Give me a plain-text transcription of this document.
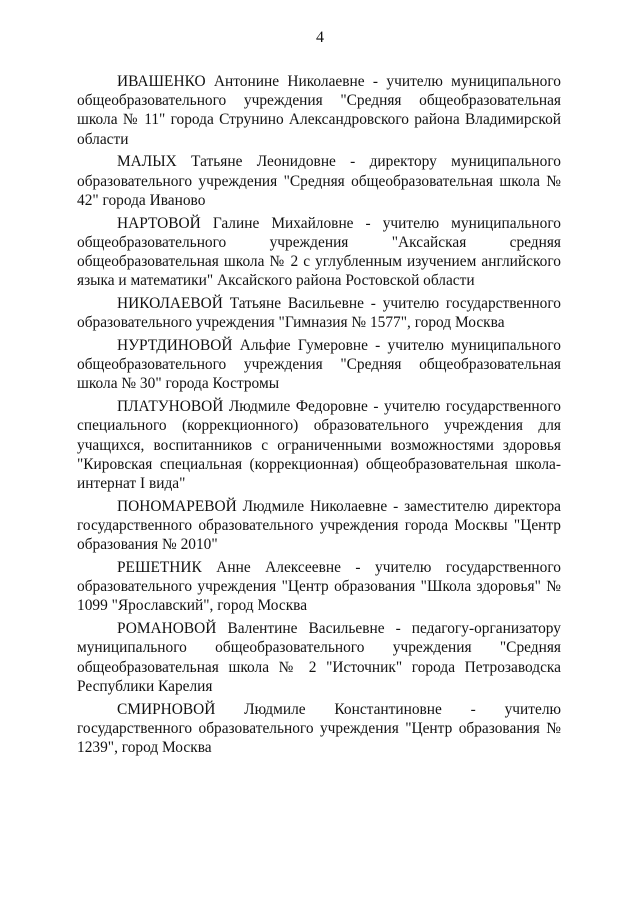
4

ИВАШЕНКО Антонине Николаевне - учителю муниципального общеобразовательного учреждения "Средняя общеобразовательная школа № 11" города Струнино Александровского района Владимирской области

МАЛЫХ Татьяне Леонидовне - директору муниципального образовательного учреждения "Средняя общеобразовательная школа № 42" города Иваново

НАРТОВОЙ Галине Михайловне - учителю муниципального общеобразовательного учреждения "Аксайская средняя общеобразовательная школа № 2 с углубленным изучением английского языка и математики" Аксайского района Ростовской области

НИКОЛАЕВОЙ Татьяне Васильевне - учителю государственного образовательного учреждения "Гимназия № 1577", город Москва

НУРТДИНОВОЙ Альфие Гумеровне - учителю муниципального общеобразовательного учреждения "Средняя общеобразовательная школа № 30" города Костромы

ПЛАТУНОВОЙ Людмиле Федоровне - учителю государственного специального (коррекционного) образовательного учреждения для учащихся, воспитанников с ограниченными возможностями здоровья "Кировская специальная (коррекционная) общеобразовательная школа-интернат I вида"

ПОНОМАРЕВОЙ Людмиле Николаевне - заместителю директора государственного образовательного учреждения города Москвы "Центр образования № 2010"

РЕШЕТНИК Анне Алексеевне - учителю государственного образовательного учреждения "Центр образования "Школа здоровья" № 1099 "Ярославский", город Москва

РОМАНОВОЙ Валентине Васильевне - педагогу-организатору муниципального общеобразовательного учреждения "Средняя общеобразовательная школа № 2 "Источник" города Петрозаводска Республики Карелия

СМИРНОВОЙ Людмиле Константиновне - учителю государственного образовательного учреждения "Центр образования № 1239", город Москва
